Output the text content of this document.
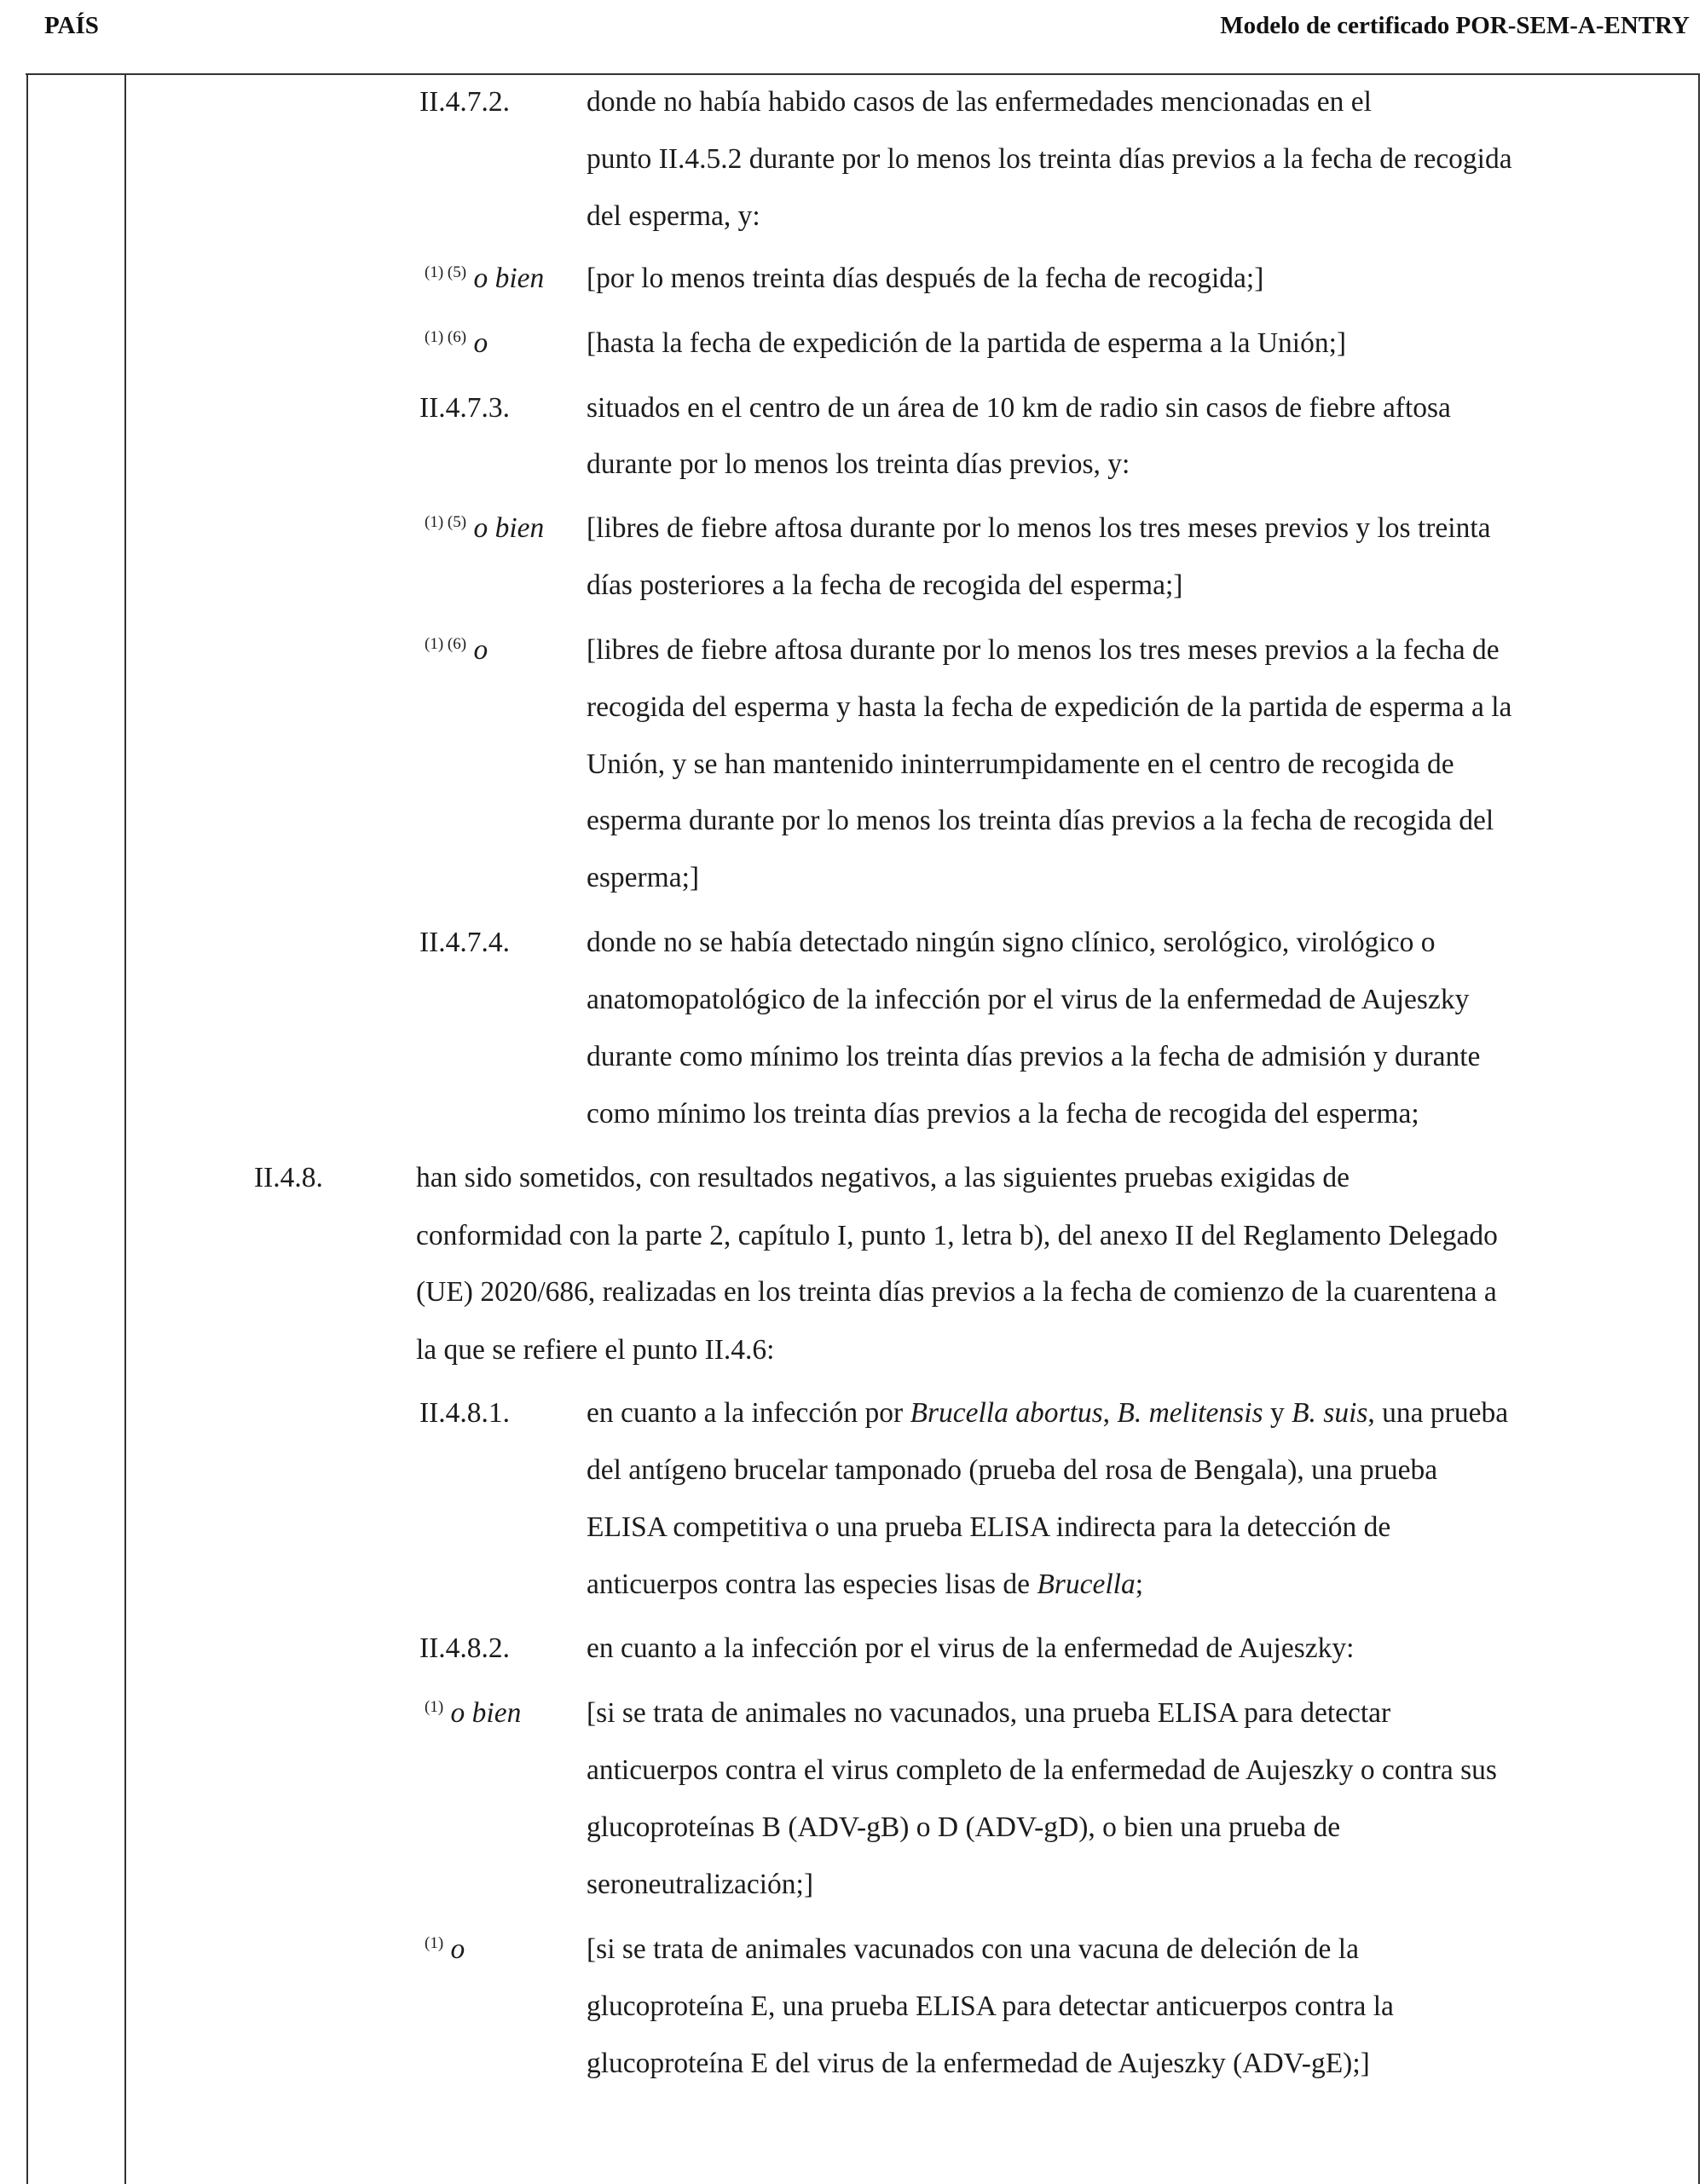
PAÍS	Modelo de certificado POR-SEM-A-ENTRY
II.4.7.2.	donde no había habido casos de las enfermedades mencionadas en el
punto II.4.5.2 durante por lo menos los treinta días previos a la fecha de recogida
del esperma, y:
$^{(1) (5)}$ o bien [por lo menos treinta días después de la fecha de recogida;]
$^{(1) (6)}$ o	[hasta la fecha de expedición de la partida de esperma a la Unión;]
II.4.7.3.	situados en el centro de un área de 10 km de radio sin casos de fiebre aftosa
durante por lo menos los treinta días previos, y:
$^{(1) (5)}$ o bien [libres de fiebre aftosa durante por lo menos los tres meses previos y los treinta
días posteriores a la fecha de recogida del esperma;]
$^{(1) (6)}$ o	[libres de fiebre aftosa durante por lo menos los tres meses previos a la fecha de
recogida del esperma y hasta la fecha de expedición de la partida de esperma a la
Unión, y se han mantenido ininterrumpidamente en el centro de recogida de
esperma durante por lo menos los treinta días previos a la fecha de recogida del
esperma;]
II.4.7.4.	donde no se había detectado ningún signo clínico, serológico, virológico o
anatomopatológico de la infección por el virus de la enfermedad de Aujeszky
durante como mínimo los treinta días previos a la fecha de admisión y durante
como mínimo los treinta días previos a la fecha de recogida del esperma;
II.4.8.	han sido sometidos, con resultados negativos, a las siguientes pruebas exigidas de
conformidad con la parte 2, capítulo I, punto 1, letra b), del anexo II del Reglamento Delegado
(UE) 2020/686, realizadas en los treinta días previos a la fecha de comienzo de la cuarentena a
la que se refiere el punto II.4.6:
II.4.8.1.	en cuanto a la infección por Brucella abortus, B. melitensis y B. suis, una prueba
del antígeno brucelar tamponado (prueba del rosa de Bengala), una prueba
ELISA competitiva o una prueba ELISA indirecta para la detección de
anticuerpos contra las especies lisas de Brucella;
II.4.8.2.	en cuanto a la infección por el virus de la enfermedad de Aujeszky:
$^{(1)}$ o bien [si se trata de animales no vacunados, una prueba ELISA para detectar
anticuerpos contra el virus completo de la enfermedad de Aujeszky o contra sus
glucoproteínas B (ADV-gB) o D (ADV-gD), o bien una prueba de
seroneutralización;]
$^{(1)}$ o	[si se trata de animales vacunados con una vacuna de deleción de la
glucoproteína E, una prueba ELISA para detectar anticuerpos contra la
glucoproteína E del virus de la enfermedad de Aujeszky (ADV-gE);]
